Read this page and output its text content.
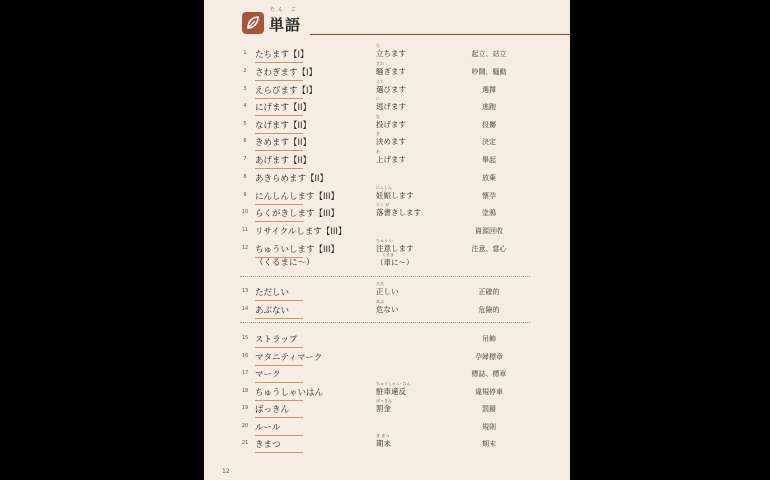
たん ご
単語
1 たちます【I】
た
立ちます	起立、站立
2 さわぎます【I】
さわ
騒ぎます	吵鬧、騷動
3 えらびます【I】
えら
選びます	選擇
4 にげます【II】
に
逃げます	逃跑
5 なげます【II】
な
投げます	投擲
6 きめます【II】
き
決めます	決定
7 あげます【II】
あ
上げます	舉起
8 あきらめます【II】	放棄
9 にんしんします【III】
にんしん
妊娠します	懷孕
10 らくがきします【III】
らく が
落書きします	塗鴉
11 リサイクルします【III】	資源回收
12 ちゅういします【III】
ちゅう い
注意します	注意、當心
（くるまに〜）
くるま
（車に〜）
13 ただしい
ただ
正しい	正確的
14 あぶない
あぶ
危ない	危險的
15 ストラップ	吊飾
16 マタニティマーク	孕婦標章
17 マーク	標誌、標章
18 ちゅうしゃいはん
ちゅうしゃ い はん
駐車違反	違規停車
19 ばっきん
ばっきん
罰金	罰鍰
20 ルール	規則
21 きまつ
き まつ
期末	期末
12
